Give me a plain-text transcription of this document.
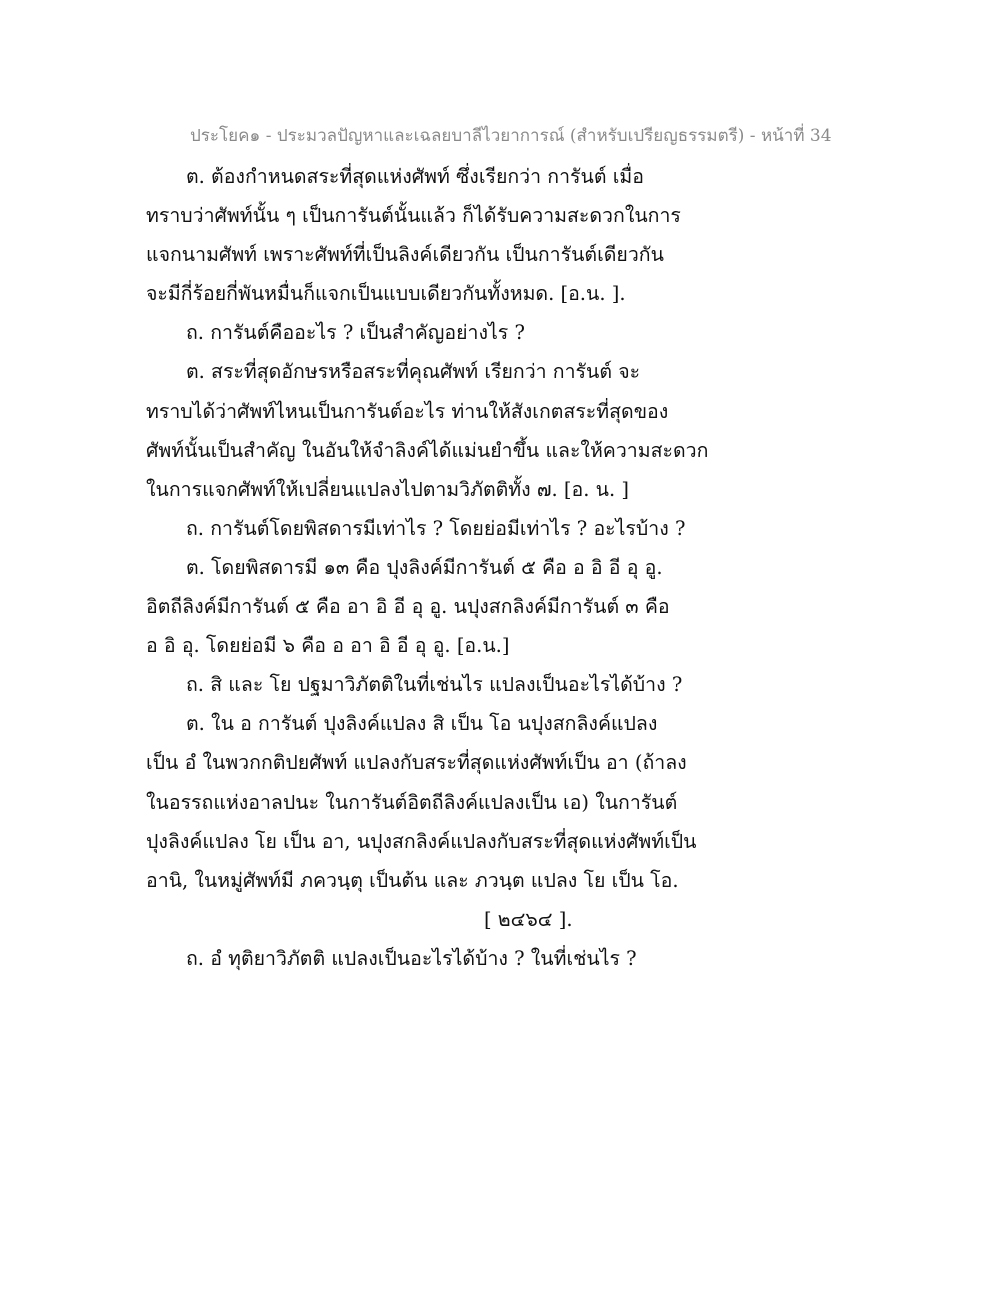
ประโยค๑ - ประมวลปัญหาและเฉลยบาลีไวยาการณ์ (สำหรับเปรียญธรรมตรี) - หน้าที่ 34
ต. ต้องกำหนดสระที่สุดแห่งศัพท์ ซึ่งเรียกว่า การันต์ เมื่อ
ทราบว่าศัพท์นั้น ๆ เป็นการันต์นั้นแล้ว ก็ได้รับความสะดวกในการ
แจกนามศัพท์ เพราะศัพท์ที่เป็นลิงค์เดียวกัน เป็นการันต์เดียวกัน
จะมีกี่ร้อยกี่พันหมื่นก็แจกเป็นแบบเดียวกันทั้งหมด. [อ.น. ].
ถ. การันต์คืออะไร ? เป็นสำคัญอย่างไร ?
ต. สระที่สุดอักษรหรือสระที่คุณศัพท์ เรียกว่า การันต์ จะ
ทราบได้ว่าศัพท์ไหนเป็นการันต์อะไร ท่านให้สังเกตสระที่สุดของ
ศัพท์นั้นเป็นสำคัญ ในอันให้จำลิงค์ได้แม่นยำขึ้น และให้ความสะดวก
ในการแจกศัพท์ให้เปลี่ยนแปลงไปตามวิภัตติทั้ง ๗. [อ. น. ]
ถ. การันต์โดยพิสดารมีเท่าไร ? โดยย่อมีเท่าไร ? อะไรบ้าง ?
ต. โดยพิสดารมี ๑๓ คือ ปุงลิงค์มีการันต์ ๕ คือ อ อิ อี อุ อู.
อิตถีลิงค์มีการันต์ ๕ คือ อา อิ อี อุ อู. นปุงสกลิงค์มีการันต์ ๓ คือ
อ อิ อุ. โดยย่อมี ๖ คือ อ อา อิ อี อุ อู. [อ.น.]
ถ. สิ และ โย ปฐมาวิภัตติในที่เช่นไร แปลงเป็นอะไรได้บ้าง ?
ต. ใน อ การันต์ ปุงลิงค์แปลง สิ เป็น โอ นปุงสกลิงค์แปลง
เป็น อํ ในพวกกติปยศัพท์ แปลงกับสระที่สุดแห่งศัพท์เป็น อา (ถ้าลง
ในอรรถแห่งอาลปนะ ในการันต์อิตถีลิงค์แปลงเป็น เอ) ในการันต์
ปุงลิงค์แปลง โย เป็น อา, นปุงสกลิงค์แปลงกับสระที่สุดแห่งศัพท์เป็น
อานิ, ในหมู่ศัพท์มี ภควนฺตุ เป็นต้น และ ภวนฺต แปลง โย เป็น โอ.
[ ๒๔๖๔ ].
ถ. อํ ทุติยาวิภัตติ แปลงเป็นอะไรได้บ้าง ? ในที่เช่นไร ?
